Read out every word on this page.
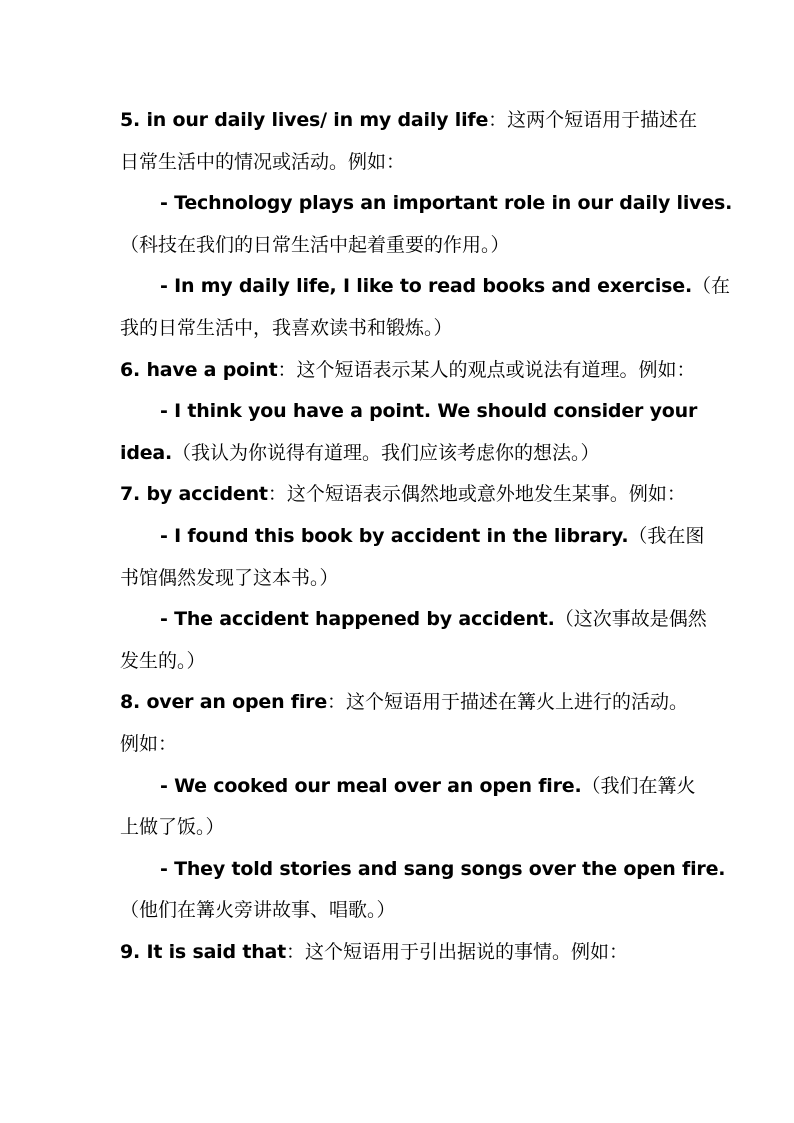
5. in our daily lives/ in my daily life：这两个短语用于描述在
日常生活中的情况或活动。例如：
- Technology plays an important role in our daily lives.
（科技在我们的日常生活中起着重要的作用。）
- In my daily life, I like to read books and exercise.（在
我的日常生活中，我喜欢读书和锻炼。）
6. have a point：这个短语表示某人的观点或说法有道理。例如：
- I think you have a point. We should consider your
idea.（我认为你说得有道理。我们应该考虑你的想法。）
7. by accident：这个短语表示偶然地或意外地发生某事。例如：
- I found this book by accident in the library.（我在图
书馆偶然发现了这本书。）
- The accident happened by accident.（这次事故是偶然
发生的。）
8. over an open fire：这个短语用于描述在篝火上进行的活动。
例如：
- We cooked our meal over an open fire.（我们在篝火
上做了饭。）
- They told stories and sang songs over the open fire.
（他们在篝火旁讲故事、唱歌。）
9. It is said that：这个短语用于引出据说的事情。例如：
